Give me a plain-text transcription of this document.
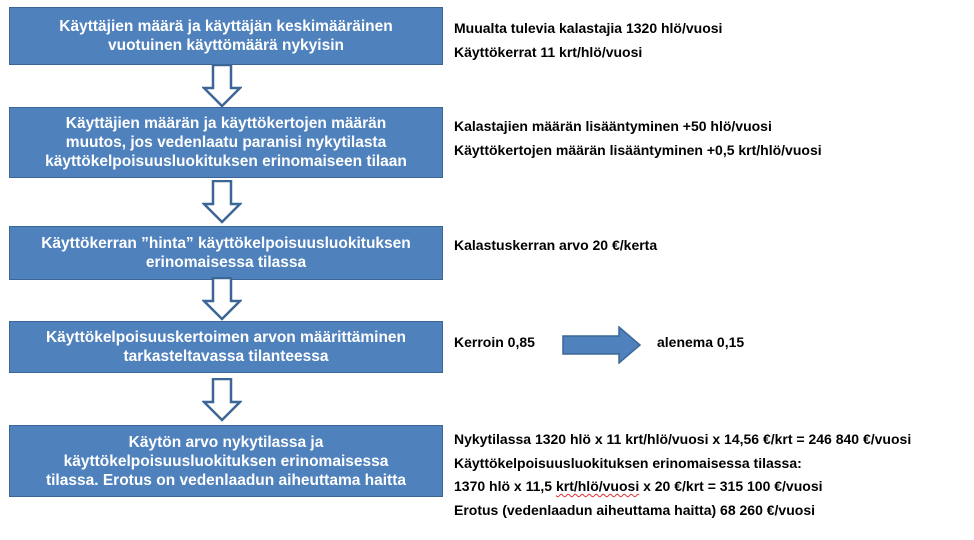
Käyttäjien määrä ja käyttäjän keskimääräinen
vuotuinen käyttömäärä nykyisin
Käyttäjien määrän ja käyttökertojen määrän
muutos, jos vedenlaatu paranisi nykytilasta
käyttökelpoisuusluokituksen erinomaiseen tilaan
Käyttökerran ”hinta” käyttökelpoisuusluokituksen
erinomaisessa tilassa
Käyttökelpoisuuskertoimen arvon määrittäminen
tarkasteltavassa tilanteessa
Käytön arvo nykytilassa ja
käyttökelpoisuusluokituksen erinomaisessa
tilassa. Erotus on vedenlaadun aiheuttama haitta
Muualta tulevia kalastajia 1320 hlö/vuosi
Käyttökerrat 11 krt/hlö/vuosi
Kalastajien määrän lisääntyminen +50 hlö/vuosi
Käyttökertojen määrän lisääntyminen +0,5 krt/hlö/vuosi
Kalastuskerran arvo 20 €/kerta
Kerroin 0,85	alenema 0,15
Nykytilassa 1320 hlö x 11 krt/hlö/vuosi x 14,56 €/krt = 246 840 €/vuosi
Käyttökelpoisuusluokituksen erinomaisessa tilassa:
1370 hlö x 11,5 krt/hlö/vuosi x 20 €/krt = 315 100 €/vuosi
Erotus (vedenlaadun aiheuttama haitta) 68 260 €/vuosi
